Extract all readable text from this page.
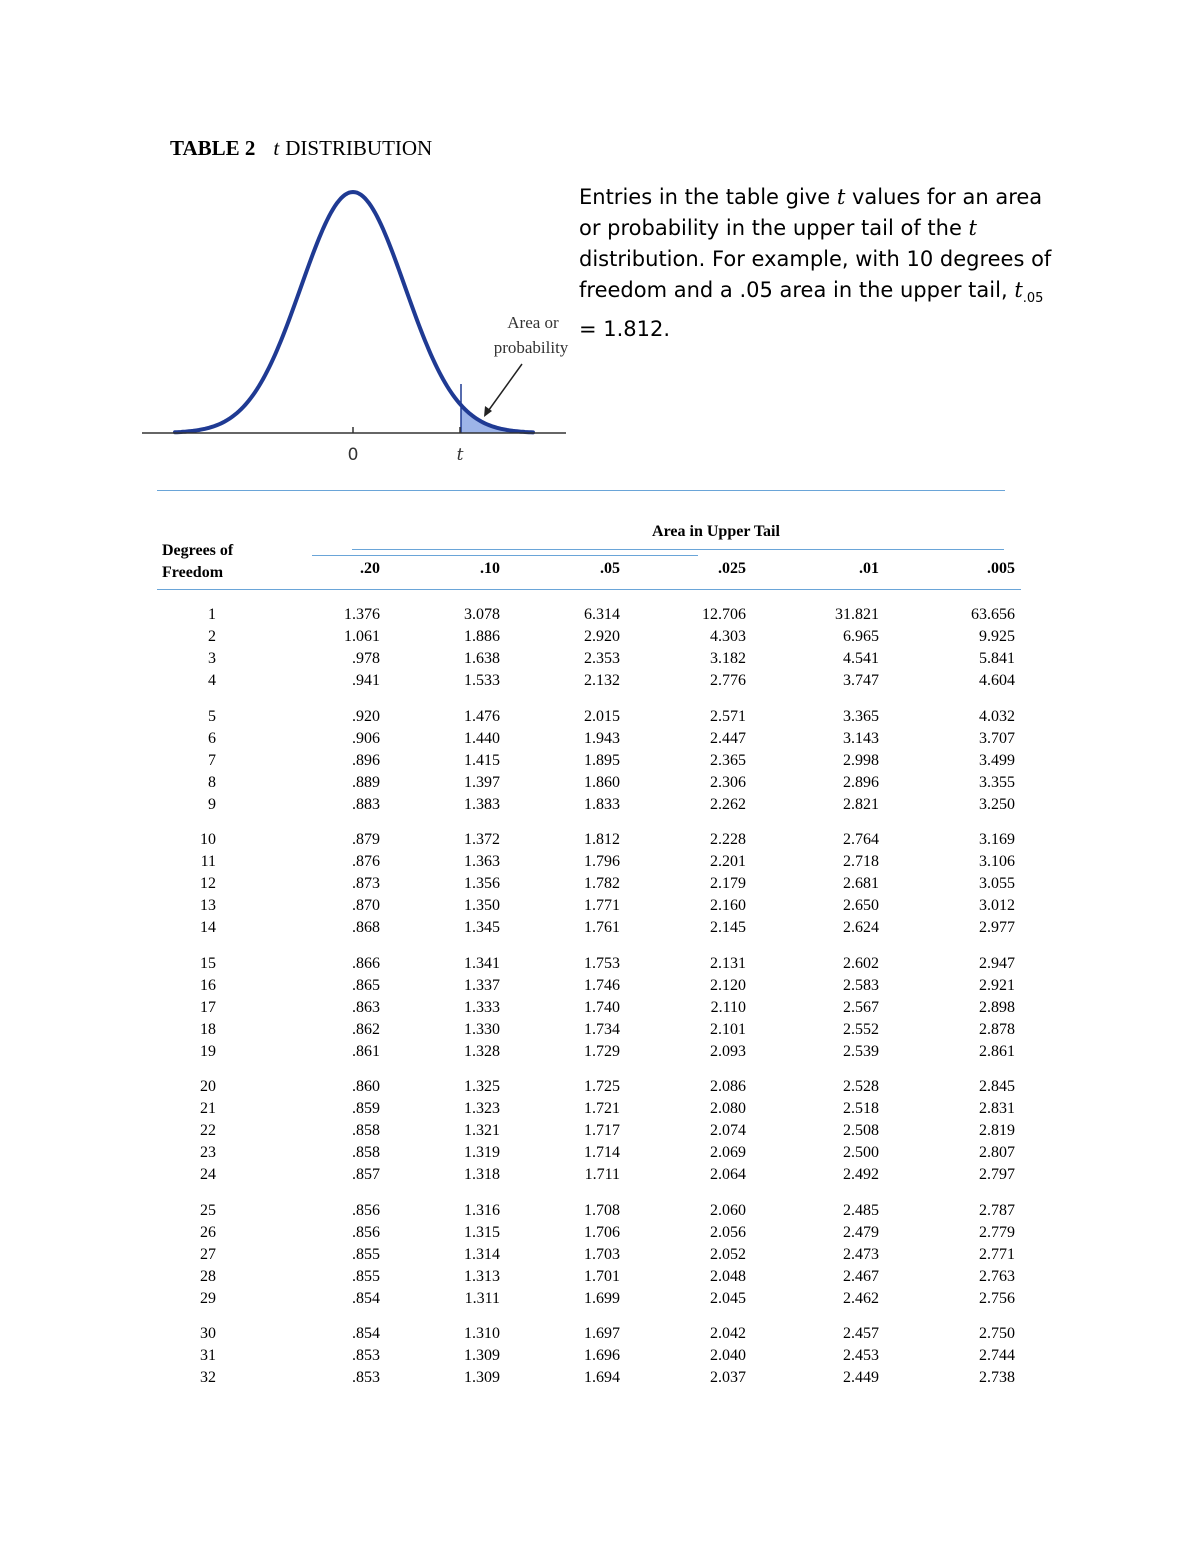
TABLE 2 t DISTRIBUTION
0	t
Area or
probability
Entries in the table give t values for an area or probability in the upper tail of the t distribution. For example, with 10 degrees of freedom and a .05 area in the upper tail, $t_{.05} = 1.812$.
Area in Upper Tail
Degrees of
Freedom	.20	.10	.05	.025	.01	.005
1	1.376	3.078	6.314	12.706	31.821	63.656
2	1.061	1.886	2.920	4.303	6.965	9.925
3	.978	1.638	2.353	3.182	4.541	5.841
4	.941	1.533	2.132	2.776	3.747	4.604
5	.920	1.476	2.015	2.571	3.365	4.032
6	.906	1.440	1.943	2.447	3.143	3.707
7	.896	1.415	1.895	2.365	2.998	3.499
8	.889	1.397	1.860	2.306	2.896	3.355
9	.883	1.383	1.833	2.262	2.821	3.250
10	.879	1.372	1.812	2.228	2.764	3.169
11	.876	1.363	1.796	2.201	2.718	3.106
12	.873	1.356	1.782	2.179	2.681	3.055
13	.870	1.350	1.771	2.160	2.650	3.012
14	.868	1.345	1.761	2.145	2.624	2.977
15	.866	1.341	1.753	2.131	2.602	2.947
16	.865	1.337	1.746	2.120	2.583	2.921
17	.863	1.333	1.740	2.110	2.567	2.898
18	.862	1.330	1.734	2.101	2.552	2.878
19	.861	1.328	1.729	2.093	2.539	2.861
20	.860	1.325	1.725	2.086	2.528	2.845
21	.859	1.323	1.721	2.080	2.518	2.831
22	.858	1.321	1.717	2.074	2.508	2.819
23	.858	1.319	1.714	2.069	2.500	2.807
24	.857	1.318	1.711	2.064	2.492	2.797
25	.856	1.316	1.708	2.060	2.485	2.787
26	.856	1.315	1.706	2.056	2.479	2.779
27	.855	1.314	1.703	2.052	2.473	2.771
28	.855	1.313	1.701	2.048	2.467	2.763
29	.854	1.311	1.699	2.045	2.462	2.756
30	.854	1.310	1.697	2.042	2.457	2.750
31	.853	1.309	1.696	2.040	2.453	2.744
32	.853	1.309	1.694	2.037	2.449	2.738
